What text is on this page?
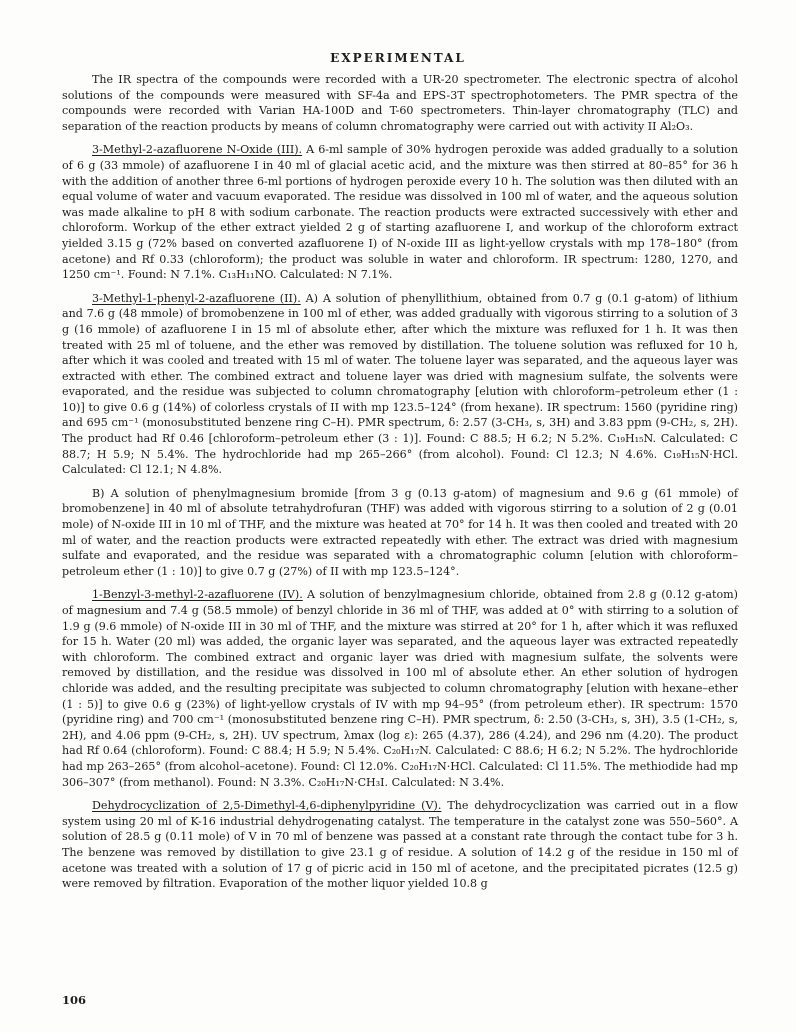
EXPERIMENTAL

The IR spectra of the compounds were recorded with a UR-20 spectrometer. The electronic spectra of alcohol solutions of the compounds were measured with SF-4a and EPS-3T spectrophotometers. The PMR spectra of the compounds were recorded with Varian HA-100D and T-60 spectrometers. Thin-layer chromatography (TLC) and separation of the reaction products by means of column chromatography were carried out with activity II Al₂O₃.

3-Methyl-2-azafluorene N-Oxide (III). A 6-ml sample of 30% hydrogen peroxide was added gradually to a solution of 6 g (33 mmole) of azafluorene I in 40 ml of glacial acetic acid, and the mixture was then stirred at 80–85° for 36 h with the addition of another three 6-ml portions of hydrogen peroxide every 10 h. The solution was then diluted with an equal volume of water and vacuum evaporated. The residue was dissolved in 100 ml of water, and the aqueous solution was made alkaline to pH 8 with sodium carbonate. The reaction products were extracted successively with ether and chloroform. Workup of the ether extract yielded 2 g of starting azafluorene I, and workup of the chloroform extract yielded 3.15 g (72% based on converted azafluorene I) of N-oxide III as light-yellow crystals with mp 178–180° (from acetone) and Rf 0.33 (chloroform); the product was soluble in water and chloroform. IR spectrum: 1280, 1270, and 1250 cm⁻¹. Found: N 7.1%. C₁₃H₁₁NO. Calculated: N 7.1%.

3-Methyl-1-phenyl-2-azafluorene (II). A) A solution of phenyllithium, obtained from 0.7 g (0.1 g-atom) of lithium and 7.6 g (48 mmole) of bromobenzene in 100 ml of ether, was added gradually with vigorous stirring to a solution of 3 g (16 mmole) of azafluorene I in 15 ml of absolute ether, after which the mixture was refluxed for 1 h. It was then treated with 25 ml of toluene, and the ether was removed by distillation. The toluene solution was refluxed for 10 h, after which it was cooled and treated with 15 ml of water. The toluene layer was separated, and the aqueous layer was extracted with ether. The combined extract and toluene layer was dried with magnesium sulfate, the solvents were evaporated, and the residue was subjected to column chromatography [elution with chloroform–petroleum ether (1 : 10)] to give 0.6 g (14%) of colorless crystals of II with mp 123.5–124° (from hexane). IR spectrum: 1560 (pyridine ring) and 695 cm⁻¹ (monosubstituted benzene ring C–H). PMR spectrum, δ: 2.57 (3-CH₃, s, 3H) and 3.83 ppm (9-CH₂, s, 2H). The product had Rf 0.46 [chloroform–petroleum ether (3 : 1)]. Found: C 88.5; H 6.2; N 5.2%. C₁₉H₁₅N. Calculated: C 88.7; H 5.9; N 5.4%. The hydrochloride had mp 265–266° (from alcohol). Found: Cl 12.3; N 4.6%. C₁₉H₁₅N·HCl. Calculated: Cl 12.1; N 4.8%.

B) A solution of phenylmagnesium bromide [from 3 g (0.13 g-atom) of magnesium and 9.6 g (61 mmole) of bromobenzene] in 40 ml of absolute tetrahydrofuran (THF) was added with vigorous stirring to a solution of 2 g (0.01 mole) of N-oxide III in 10 ml of THF, and the mixture was heated at 70° for 14 h. It was then cooled and treated with 20 ml of water, and the reaction products were extracted repeatedly with ether. The extract was dried with magnesium sulfate and evaporated, and the residue was separated with a chromatographic column [elution with chloroform–petroleum ether (1 : 10)] to give 0.7 g (27%) of II with mp 123.5–124°.

1-Benzyl-3-methyl-2-azafluorene (IV). A solution of benzylmagnesium chloride, obtained from 2.8 g (0.12 g-atom) of magnesium and 7.4 g (58.5 mmole) of benzyl chloride in 36 ml of THF, was added at 0° with stirring to a solution of 1.9 g (9.6 mmole) of N-oxide III in 30 ml of THF, and the mixture was stirred at 20° for 1 h, after which it was refluxed for 15 h. Water (20 ml) was added, the organic layer was separated, and the aqueous layer was extracted repeatedly with chloroform. The combined extract and organic layer was dried with magnesium sulfate, the solvents were removed by distillation, and the residue was dissolved in 100 ml of absolute ether. An ether solution of hydrogen chloride was added, and the resulting precipitate was subjected to column chromatography [elution with hexane–ether (1 : 5)] to give 0.6 g (23%) of light-yellow crystals of IV with mp 94–95° (from petroleum ether). IR spectrum: 1570 (pyridine ring) and 700 cm⁻¹ (monosubstituted benzene ring C–H). PMR spectrum, δ: 2.50 (3-CH₃, s, 3H), 3.5 (1-CH₂, s, 2H), and 4.06 ppm (9-CH₂, s, 2H). UV spectrum, λmax (log ε): 265 (4.37), 286 (4.24), and 296 nm (4.20). The product had Rf 0.64 (chloroform). Found: C 88.4; H 5.9; N 5.4%. C₂₀H₁₇N. Calculated: C 88.6; H 6.2; N 5.2%. The hydrochloride had mp 263–265° (from alcohol–acetone). Found: Cl 12.0%. C₂₀H₁₇N·HCl. Calculated: Cl 11.5%. The methiodide had mp 306–307° (from methanol). Found: N 3.3%. C₂₀H₁₇N·CH₃I. Calculated: N 3.4%.

Dehydrocyclization of 2,5-Dimethyl-4,6-diphenylpyridine (V). The dehydrocyclization was carried out in a flow system using 20 ml of K-16 industrial dehydrogenating catalyst. The temperature in the catalyst zone was 550–560°. A solution of 28.5 g (0.11 mole) of V in 70 ml of benzene was passed at a constant rate through the contact tube for 3 h. The benzene was removed by distillation to give 23.1 g of residue. A solution of 14.2 g of the residue in 150 ml of acetone was treated with a solution of 17 g of picric acid in 150 ml of acetone, and the precipitated picrates (12.5 g) were removed by filtration. Evaporation of the mother liquor yielded 10.8 g

106
